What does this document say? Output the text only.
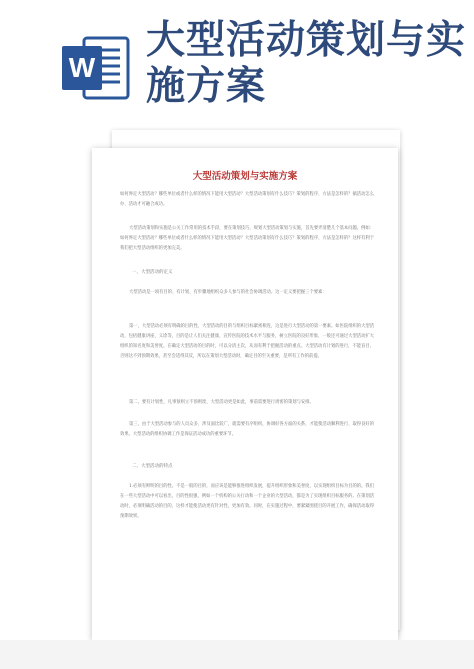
W
大型活动策划与实施方案
大型活动策划与实施方案
如何界定大型活动？哪些单位或者什么样的情况下能用大型活动？大型活动策划有什么技巧？策划的程序、方法是怎样的？搞活动怎么办、活动才可融合成功。
大型活动策划和实施是公关工作常用的技术手段，要在策划技巧，规划大型活动策划与实施，首先要弄清楚几个基本问题。例如：如何界定大型活动？哪些单位或者什么样的情况下能用大型活动？大型活动策划有什么技巧？策划的程序、方法是怎样的？这样有利于我们把大型活动组织的更加完美。
一、大型活动的定义
大型活动是一项有目的、有计划、有步骤地组织众多人参与的社会协调活动。这一定义要把握三个要素：
第一，大型活动必须有明确的目的性，大型活动的目的与组织目标紧密相连，这是进行大型活动的第一要素。如医院组织的大型活动，包括健康讲座、义诊等，目的是让人们关注健康、宣传医院的技术水平与服务，树立医院的良好形象，一般还可通过大型活动扩大组织的知名度和美誉度。在确定大型活动的目的时，可以分清主次，从而有利于把握活动的重点。大型活动有计划的进行，不能盲目，否则达不到预期效果，甚至会适得其反，所以在策划大型活动时，确定目的至关重要，是所有工作的前提。
第二，要有计划性，凡事预则立不预则废，大型活动更是如此，事前需要进行周密的策划与安排。
第三，由于大型活动参与的人员众多，涉及面比较广，就需要有序组织，协调好各方面的关系，才能使活动顺利进行，取得良好的效果。大型活动的组织协调工作是保证活动成功的重要环节。
二、大型活动的特点
1.必须有鲜明的目的性。不是一般的目的，而应该是能够推进组织发展，提升组织形象和美誉度，以实现组织目标为目的的。我们在一些大型活动中可以看出，目的性很强，例如一个机构的公关行动和一个企业的大型活动，都是为了实现组织目标服务的。在策划活动时，必须明确活动的目的，这样才能使活动更有针对性，更加有效。同时，在实施过程中，要紧紧围绕目的开展工作，确保活动取得预期效果。
